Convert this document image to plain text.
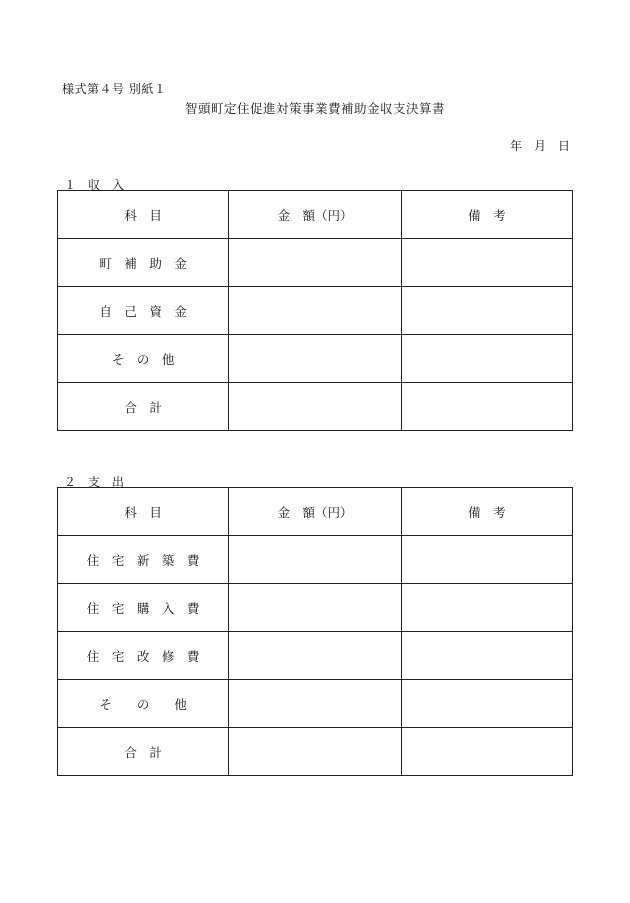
様式第４号 別紙１
智頭町定住促進対策事業費補助金収支決算書
年　月　日
１　収　入
科　目	金　額（円）	備　考
町　補　助　金		
自　己　資　金		
そ　の　他		
合　計		
２　支　出
科　目	金　額（円）	備　考
住　宅　新　築　費		
住　宅　購　入　費		
住　宅　改　修　費		
そ　　の　　他		
合　計		
